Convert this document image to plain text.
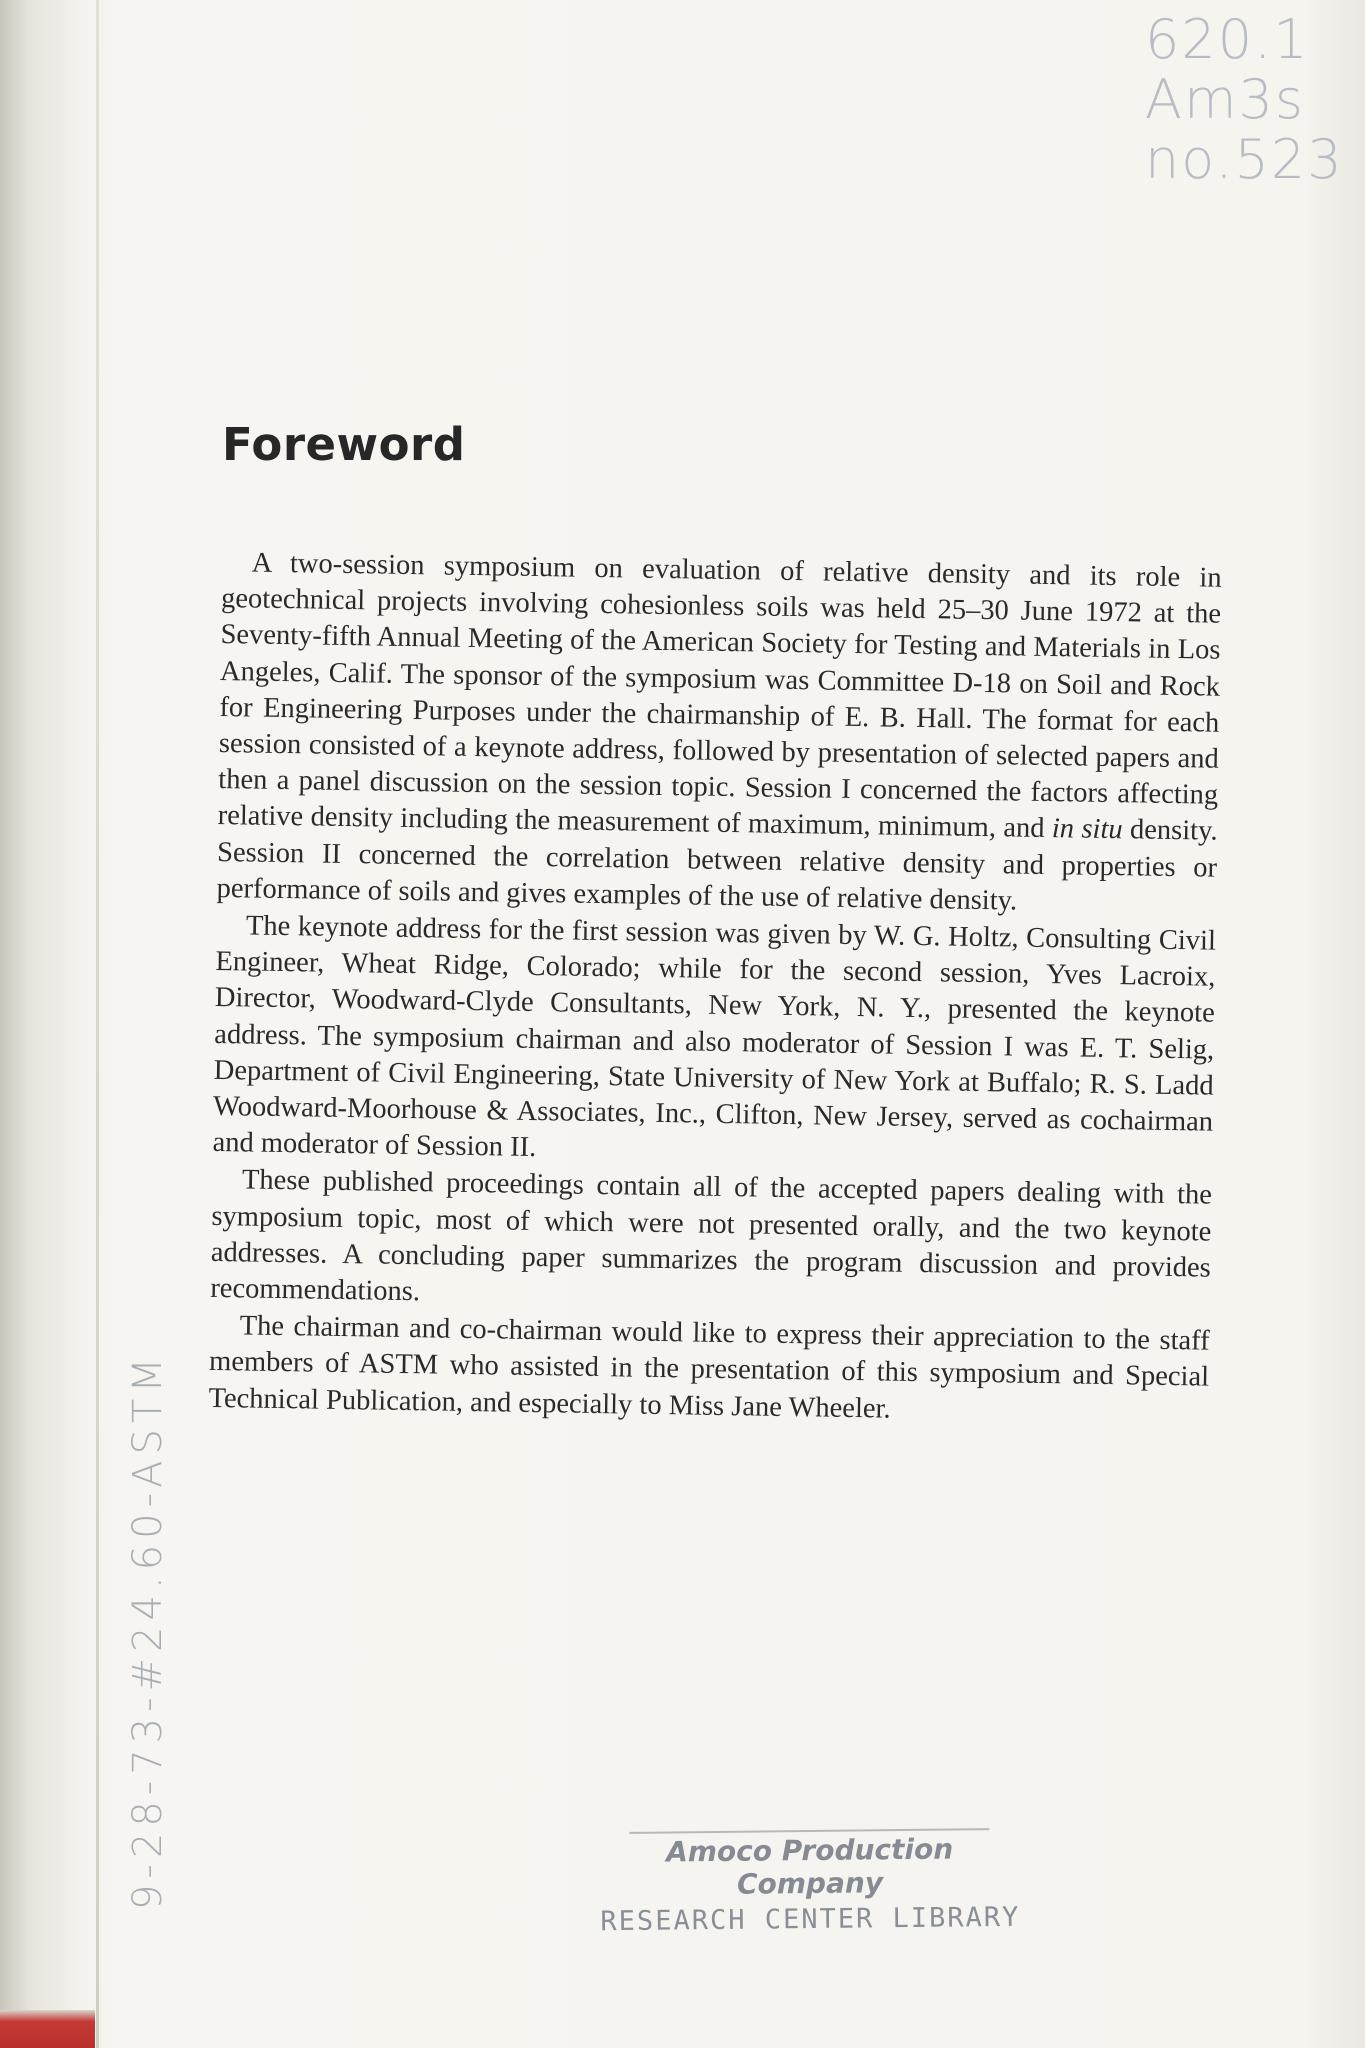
620.1
Am3s
no.523
9-28-73-#24.60-ASTM
Foreword

A two-session symposium on evaluation of relative density and its role in geotechnical projects involving cohesionless soils was held 25–30 June 1972 at the Seventy-fifth Annual Meeting of the American Society for Testing and Materials in Los Angeles, Calif. The sponsor of the symposium was Committee D-18 on Soil and Rock for Engineering Purposes under the chairmanship of E. B. Hall. The format for each session consisted of a keynote address, followed by presentation of selected papers and then a panel discussion on the session topic. Session I concerned the factors affecting relative density including the measurement of maximum, minimum, and in situ density. Session II concerned the correlation between relative density and properties or performance of soils and gives examples of the use of relative density.

The keynote address for the first session was given by W. G. Holtz, Consulting Civil Engineer, Wheat Ridge, Colorado; while for the second session, Yves Lacroix, Director, Woodward-Clyde Consultants, New York, N. Y., presented the keynote address. The symposium chairman and also moderator of Session I was E. T. Selig, Department of Civil Engineering, State University of New York at Buffalo; R. S. Ladd Woodward-Moorhouse & Associates, Inc., Clifton, New Jersey, served as cochairman and moderator of Session II.

These published proceedings contain all of the accepted papers dealing with the symposium topic, most of which were not presented orally, and the two keynote addresses. A concluding paper summarizes the program discussion and provides recommendations.

The chairman and co-chairman would like to express their appreciation to the staff members of ASTM who assisted in the presentation of this symposium and Special Technical Publication, and especially to Miss Jane Wheeler.

Amoco Production Company
RESEARCH CENTER LIBRARY
